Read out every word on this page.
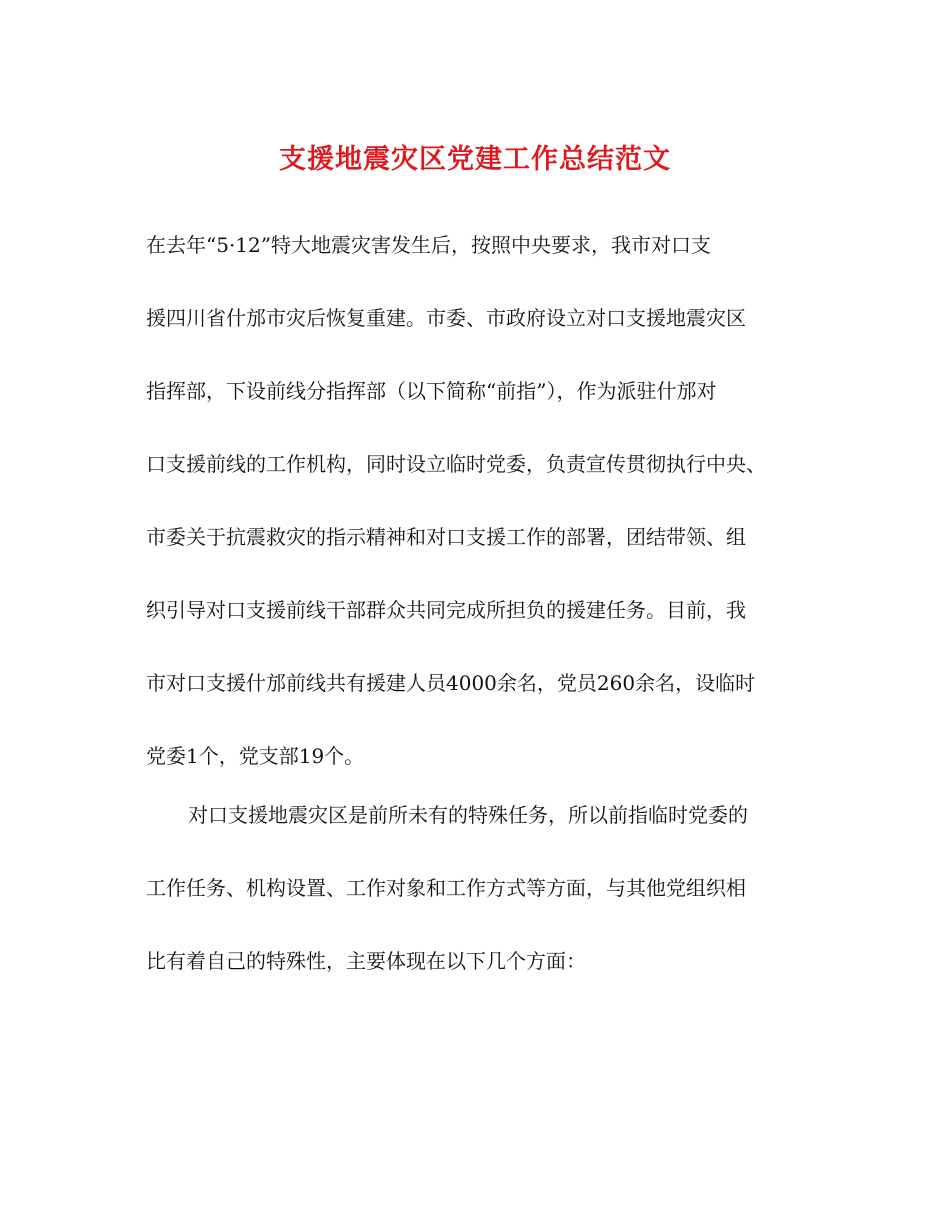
支援地震灾区党建工作总结范文
在去年“5·12”特大地震灾害发生后，按照中央要求，我市对口支
援四川省什邡市灾后恢复重建。市委、市政府设立对口支援地震灾区
指挥部，下设前线分指挥部（以下简称“前指”），作为派驻什邡对
口支援前线的工作机构，同时设立临时党委，负责宣传贯彻执行中央、
市委关于抗震救灾的指示精神和对口支援工作的部署，团结带领、组
织引导对口支援前线干部群众共同完成所担负的援建任务。目前，我
市对口支援什邡前线共有援建人员4000余名，党员260余名，设临时
党委1个，党支部19个。
对口支援地震灾区是前所未有的特殊任务，所以前指临时党委的
工作任务、机构设置、工作对象和工作方式等方面，与其他党组织相
比有着自己的特殊性，主要体现在以下几个方面：
